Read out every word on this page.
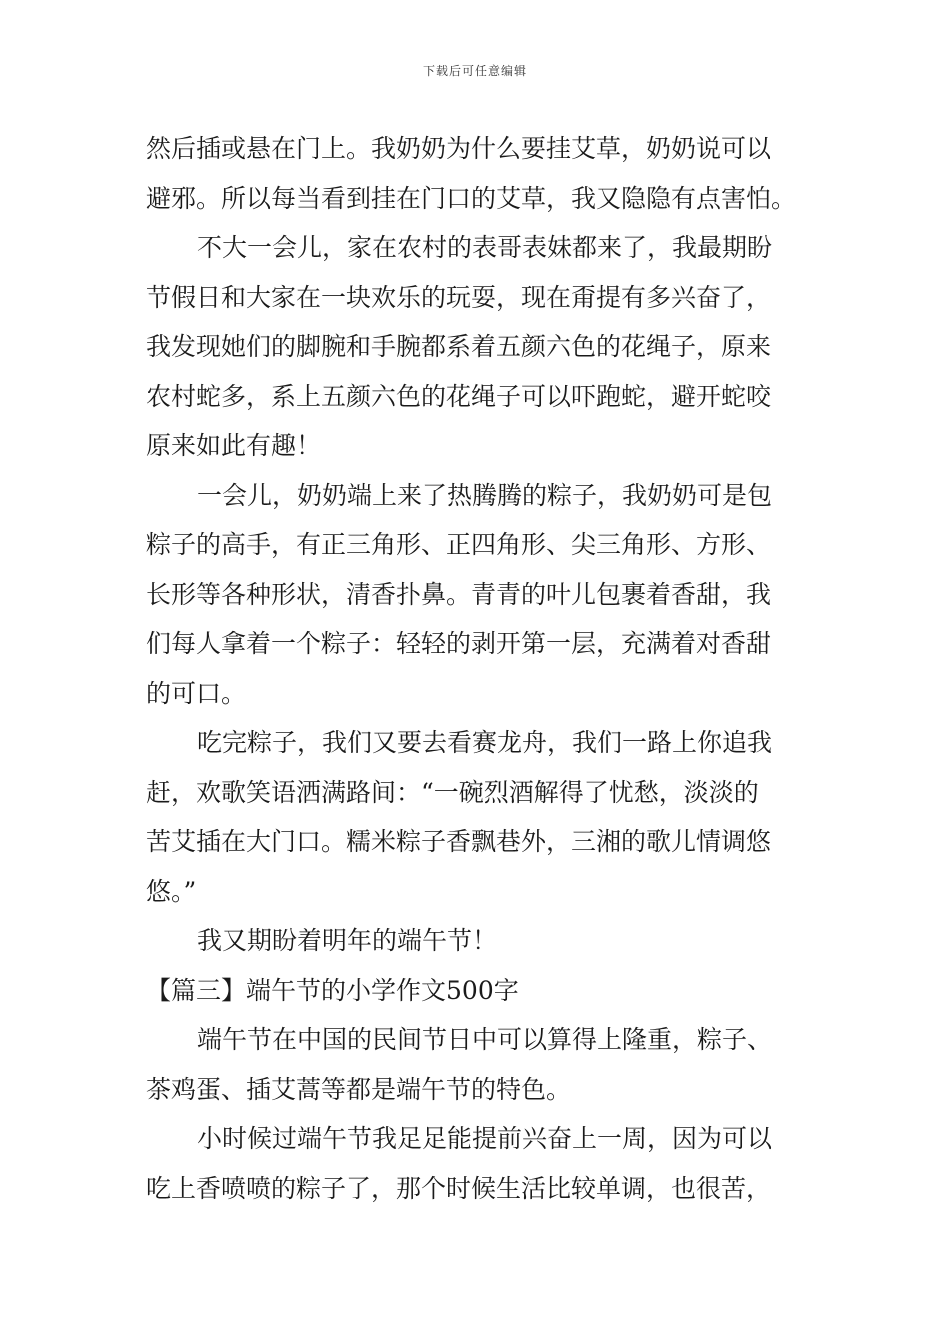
下载后可任意编辑
然后插或悬在门上。我奶奶为什么要挂艾草，奶奶说可以
避邪。所以每当看到挂在门口的艾草，我又隐隐有点害怕。
不大一会儿，家在农村的表哥表妹都来了，我最期盼
节假日和大家在一块欢乐的玩耍，现在甭提有多兴奋了，
我发现她们的脚腕和手腕都系着五颜六色的花绳子，原来
农村蛇多，系上五颜六色的花绳子可以吓跑蛇，避开蛇咬
原来如此有趣！
一会儿，奶奶端上来了热腾腾的粽子，我奶奶可是包
粽子的高手，有正三角形、正四角形、尖三角形、方形、
长形等各种形状，清香扑鼻。青青的叶儿包裹着香甜，我
们每人拿着一个粽子：轻轻的剥开第一层，充满着对香甜
的可口。
吃完粽子，我们又要去看赛龙舟，我们一路上你追我
赶，欢歌笑语洒满路间：“一碗烈酒解得了忧愁，淡淡的
苦艾插在大门口。糯米粽子香飘巷外，三湘的歌儿情调悠
悠。”
我又期盼着明年的端午节！
【篇三】端午节的小学作文500字
端午节在中国的民间节日中可以算得上隆重，粽子、
茶鸡蛋、插艾蒿等都是端午节的特色。
小时候过端午节我足足能提前兴奋上一周，因为可以
吃上香喷喷的粽子了，那个时候生活比较单调，也很苦，
